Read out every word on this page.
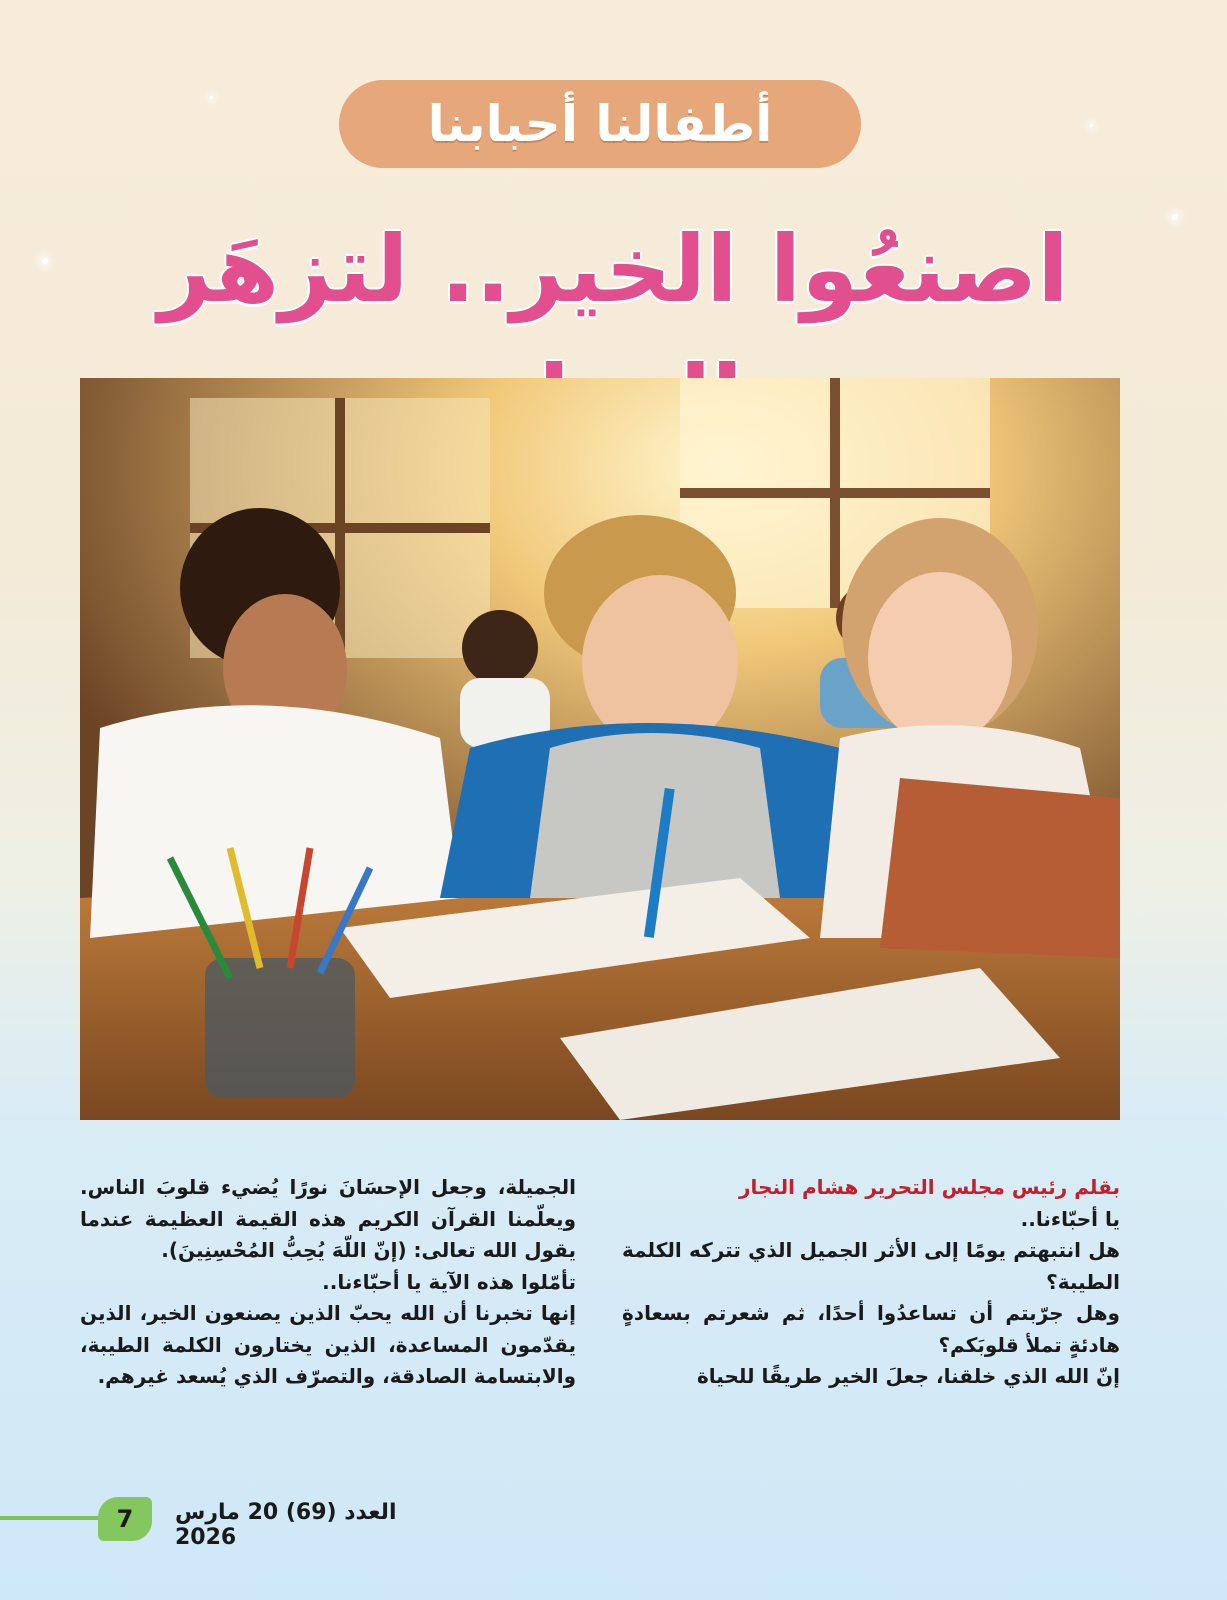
أطفالنا أحبابنا
اصنعُوا الخير.. لتزهَر

بقلم رئيس مجلس التحرير هشام النجار

يا أحبّاءنا..

هل انتبهتم يومًا إلى الأثر الجميل الذي تتركه الكلمة الطيبة؟

وهل جرّبتم أن تساعدُوا أحدًا، ثم شعرتم بسعادةٍ هادئةٍ تملأ قلوبَكم؟

إنّ الله الذي خلقنا، جعلَ الخير طريقًا للحياة

الجميلة، وجعل الإحسَانَ نورًا يُضيء قلوبَ الناس. ويعلّمنا القرآن الكريم هذه القيمة العظيمة عندما يقول الله تعالى: (إنّ اللّهَ يُحِبُّ المُحْسِنِينَ).

تأمّلوا هذه الآية يا أحبّاءنا..

إنها تخبرنا أن الله يحبّ الذين يصنعون الخير، الذين يقدّمون المساعدة، الذين يختارون الكلمة الطيبة، والابتسامة الصادقة، والتصرّف الذي يُسعد غيرهم.

7 العدد (69) 20 مارس 2026
